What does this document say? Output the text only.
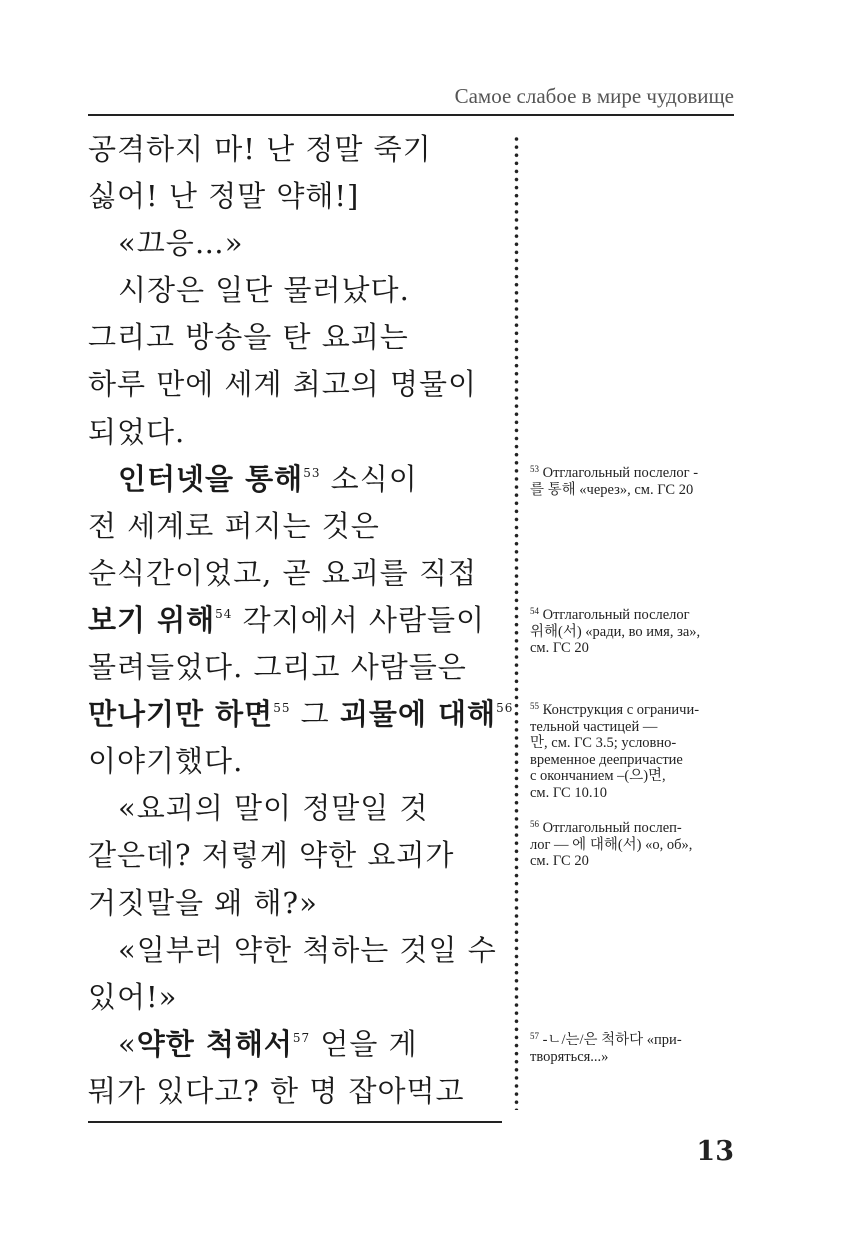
Самое слабое в мире чудовище
공격하지 마! 난 정말 죽기
싫어! 난 정말 약해!]
«끄응…»
시장은 일단 물러났다.
그리고 방송을 탄 요괴는
하루 만에 세계 최고의 명물이
되었다.
인터넷을 통해$^{53}$ 소식이
전 세계로 퍼지는 것은
순식간이었고, 곧 요괴를 직접
보기 위해$^{54}$ 각지에서 사람들이
몰려들었다. 그리고 사람들은
만나기만 하면$^{55}$ 그 괴물에 대해$^{56}$
이야기했다.
«요괴의 말이 정말일 것
같은데? 저렇게 약한 요괴가
거짓말을 왜 해?»
«일부러 약한 척하는 것일 수
있어!»
«약한 척해서$^{57}$ 얻을 게
뭐가 있다고? 한 명 잡아먹고
$^{53}$ Отглагольный послелог -
를 통해 «через», см. ГС 20
$^{54}$ Отглагольный послелог
위해(서) «ради, во имя, за»,
см. ГС 20
$^{55}$ Конструкция с ограничи-
тельной частицей —
만, см. ГС 3.5; условно-
временное деепричастие
с окончанием –(으)면,
см. ГС 10.10
$^{56}$ Отглагольный послеп-
лог — 에 대해(서) «о, об»,
см. ГС 20
$^{57}$ -ㄴ/는/은 척하다 «при-
творяться...»
13
